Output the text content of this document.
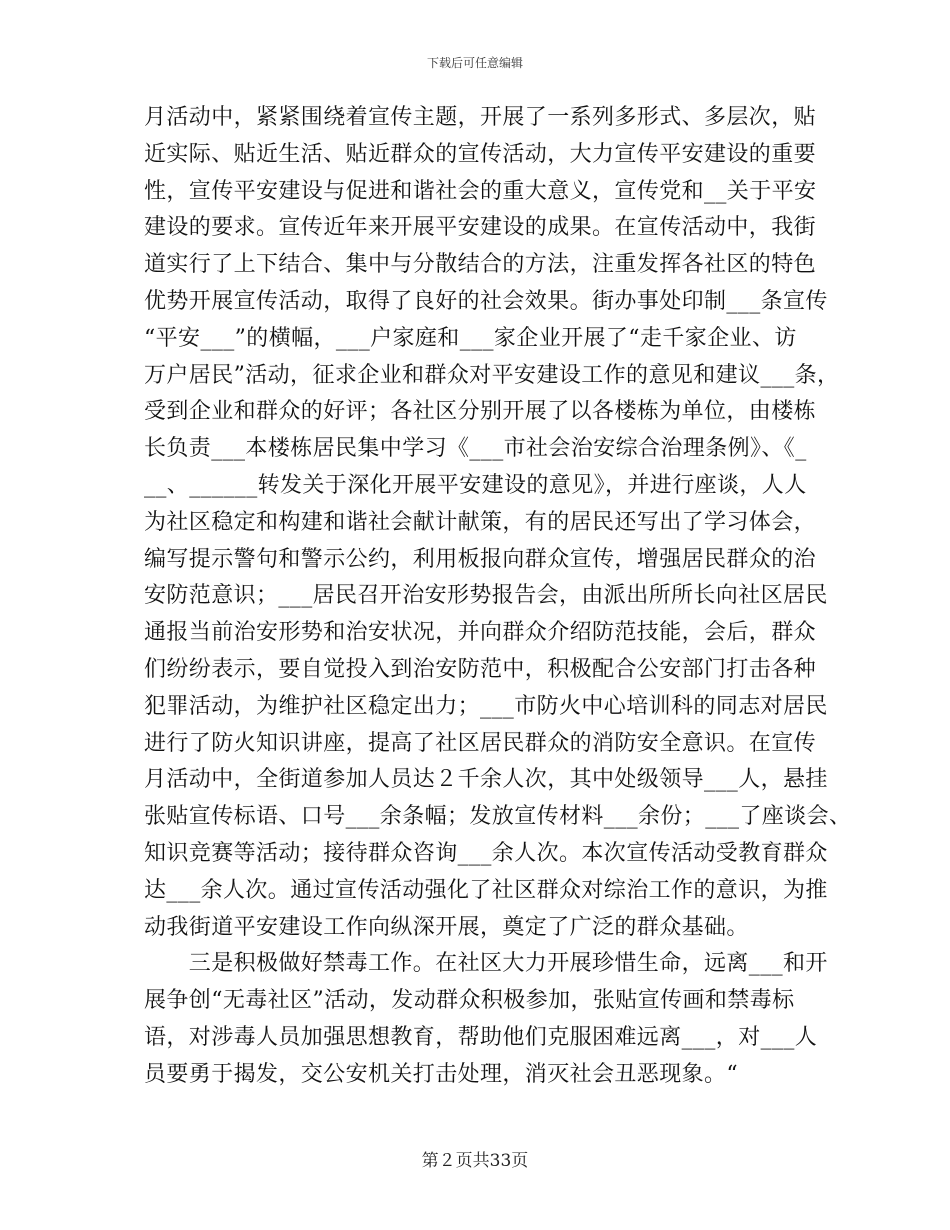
下载后可任意编辑
月活动中，紧紧围绕着宣传主题，开展了一系列多形式、多层次，贴
近实际、贴近生活、贴近群众的宣传活动，大力宣传平安建设的重要
性，宣传平安建设与促进和谐社会的重大意义，宣传党和__关于平安
建设的要求。宣传近年来开展平安建设的成果。在宣传活动中，我街
道实行了上下结合、集中与分散结合的方法，注重发挥各社区的特色
优势开展宣传活动，取得了良好的社会效果。街办事处印制___条宣传
“平安___”的横幅，___户家庭和___家企业开展了“走千家企业、访
万户居民”活动，征求企业和群众对平安建设工作的意见和建议___条，
受到企业和群众的好评；各社区分别开展了以各楼栋为单位，由楼栋
长负责___本楼栋居民集中学习《___市社会治安综合治理条例》、《_
__、______转发关于深化开展平安建设的意见》，并进行座谈，人人
为社区稳定和构建和谐社会献计献策，有的居民还写出了学习体会，
编写提示警句和警示公约，利用板报向群众宣传，增强居民群众的治
安防范意识；___居民召开治安形势报告会，由派出所所长向社区居民
通报当前治安形势和治安状况，并向群众介绍防范技能，会后，群众
们纷纷表示，要自觉投入到治安防范中，积极配合公安部门打击各种
犯罪活动，为维护社区稳定出力；___市防火中心培训科的同志对居民
进行了防火知识讲座，提高了社区居民群众的消防安全意识。在宣传
月活动中，全街道参加人员达２千余人次，其中处级领导___人，悬挂
张贴宣传标语、口号___余条幅；发放宣传材料___余份；___了座谈会、
知识竞赛等活动；接待群众咨询___余人次。本次宣传活动受教育群众
达___余人次。通过宣传活动强化了社区群众对综治工作的意识，为推
动我街道平安建设工作向纵深开展，奠定了广泛的群众基础。
　　三是积极做好禁毒工作。在社区大力开展珍惜生命，远离___和开
展争创“无毒社区”活动，发动群众积极参加，张贴宣传画和禁毒标
语，对涉毒人员加强思想教育，帮助他们克服困难远离___，对___人
员要勇于揭发，交公安机关打击处理，消灭社会丑恶现象。“
第２页共33页
